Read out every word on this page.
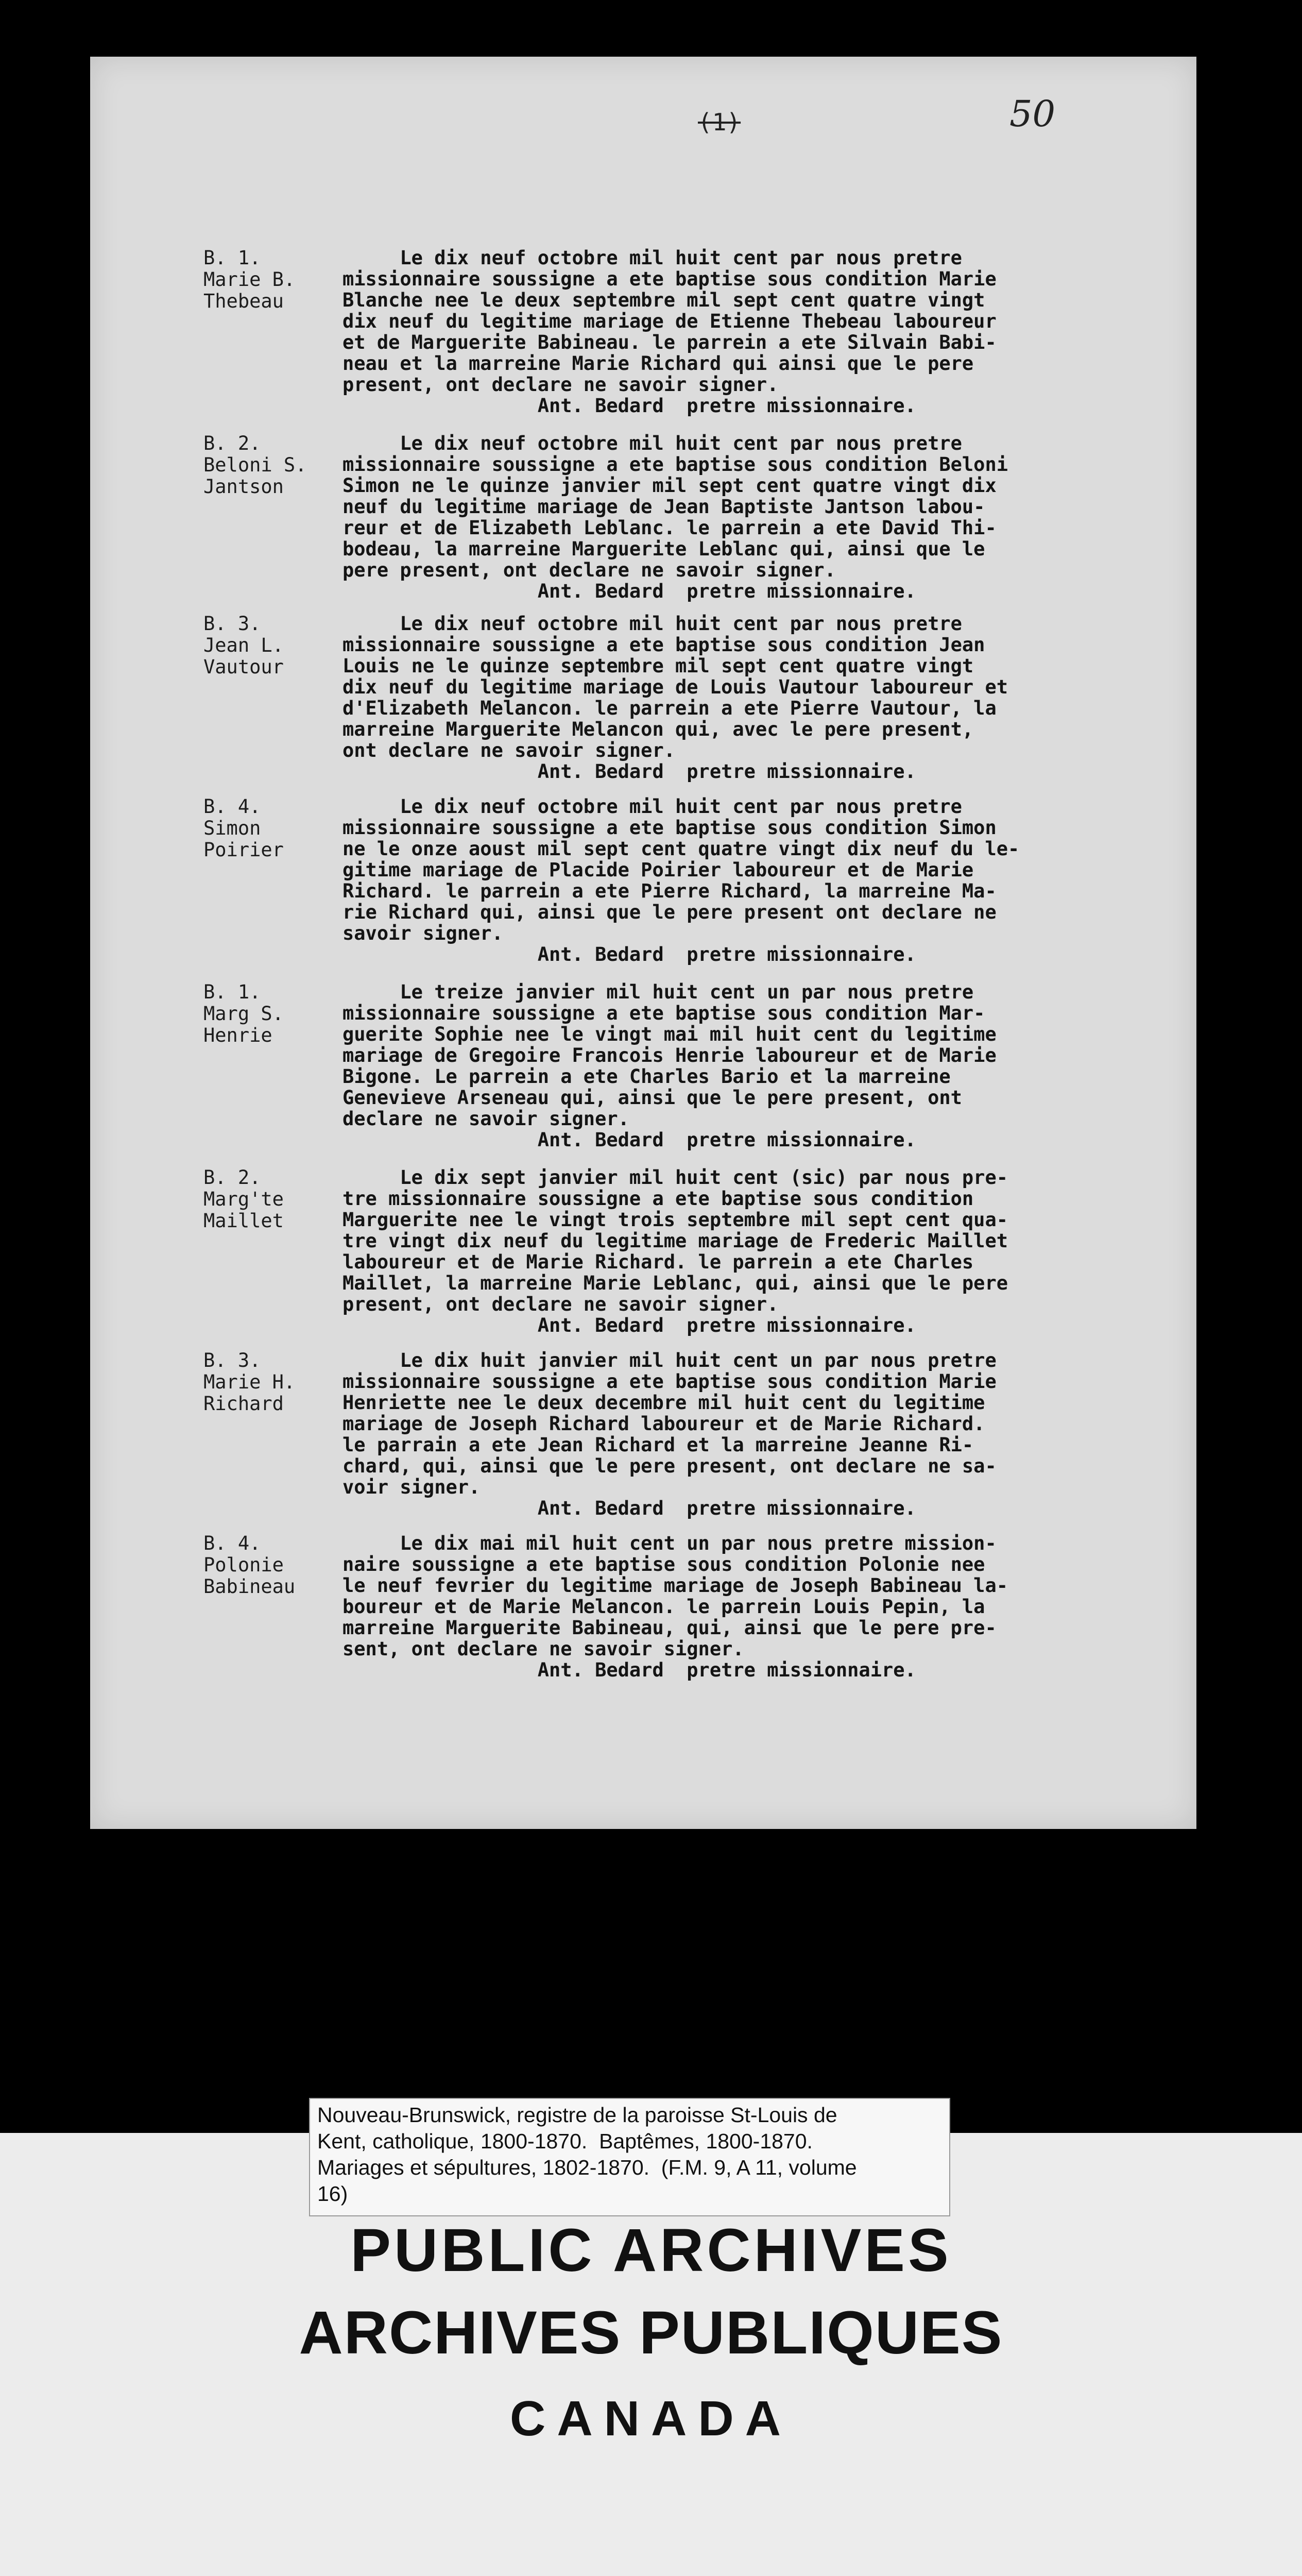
(1)	50
B. 1.
Marie B.
Thebeau
Le dix neuf octobre mil huit cent par nous pretre
missionnaire soussigne a ete baptise sous condition Marie
Blanche nee le deux septembre mil sept cent quatre vingt
dix neuf du legitime mariage de Etienne Thebeau laboureur
et de Marguerite Babineau. le parrein a ete Silvain Babi-
neau et la marreine Marie Richard qui ainsi que le pere
present, ont declare ne savoir signer.
Ant. Bedard  pretre missionnaire.
B. 2.
Beloni S.
Jantson
Le dix neuf octobre mil huit cent par nous pretre
missionnaire soussigne a ete baptise sous condition Beloni
Simon ne le quinze janvier mil sept cent quatre vingt dix
neuf du legitime mariage de Jean Baptiste Jantson labou-
reur et de Elizabeth Leblanc. le parrein a ete David Thi-
bodeau, la marreine Marguerite Leblanc qui, ainsi que le
pere present, ont declare ne savoir signer.
Ant. Bedard  pretre missionnaire.
B. 3.
Jean L.
Vautour
Le dix neuf octobre mil huit cent par nous pretre
missionnaire soussigne a ete baptise sous condition Jean
Louis ne le quinze septembre mil sept cent quatre vingt
dix neuf du legitime mariage de Louis Vautour laboureur et
d'Elizabeth Melancon. le parrein a ete Pierre Vautour, la
marreine Marguerite Melancon qui, avec le pere present,
ont declare ne savoir signer.
Ant. Bedard  pretre missionnaire.
B. 4.
Simon
Poirier
Le dix neuf octobre mil huit cent par nous pretre
missionnaire soussigne a ete baptise sous condition Simon
ne le onze aoust mil sept cent quatre vingt dix neuf du le-
gitime mariage de Placide Poirier laboureur et de Marie
Richard. le parrein a ete Pierre Richard, la marreine Ma-
rie Richard qui, ainsi que le pere present ont declare ne
savoir signer.
Ant. Bedard  pretre missionnaire.
B. 1.
Marg S.
Henrie
Le treize janvier mil huit cent un par nous pretre
missionnaire soussigne a ete baptise sous condition Mar-
guerite Sophie nee le vingt mai mil huit cent du legitime
mariage de Gregoire Francois Henrie laboureur et de Marie
Bigone. Le parrein a ete Charles Bario et la marreine
Genevieve Arseneau qui, ainsi que le pere present, ont
declare ne savoir signer.
Ant. Bedard  pretre missionnaire.
B. 2.
Marg'te
Maillet
Le dix sept janvier mil huit cent (sic) par nous pre-
tre missionnaire soussigne a ete baptise sous condition
Marguerite nee le vingt trois septembre mil sept cent qua-
tre vingt dix neuf du legitime mariage de Frederic Maillet
laboureur et de Marie Richard. le parrein a ete Charles
Maillet, la marreine Marie Leblanc, qui, ainsi que le pere
present, ont declare ne savoir signer.
Ant. Bedard  pretre missionnaire.
B. 3.
Marie H.
Richard
Le dix huit janvier mil huit cent un par nous pretre
missionnaire soussigne a ete baptise sous condition Marie
Henriette nee le deux decembre mil huit cent du legitime
mariage de Joseph Richard laboureur et de Marie Richard.
le parrain a ete Jean Richard et la marreine Jeanne Ri-
chard, qui, ainsi que le pere present, ont declare ne sa-
voir signer.
Ant. Bedard  pretre missionnaire.
B. 4.
Polonie
Babineau
Le dix mai mil huit cent un par nous pretre mission-
naire soussigne a ete baptise sous condition Polonie nee
le neuf fevrier du legitime mariage de Joseph Babineau la-
boureur et de Marie Melancon. le parrein Louis Pepin, la
marreine Marguerite Babineau, qui, ainsi que le pere pre-
sent, ont declare ne savoir signer.
Ant. Bedard  pretre missionnaire.
Nouveau-Brunswick, registre de la paroisse St-Louis de
Kent, catholique, 1800-1870.  Baptêmes, 1800-1870.
Mariages et sépultures, 1802-1870.  (F.M. 9, A 11, volume
16)
PUBLIC ARCHIVES
ARCHIVES PUBLIQUES
CANADA
